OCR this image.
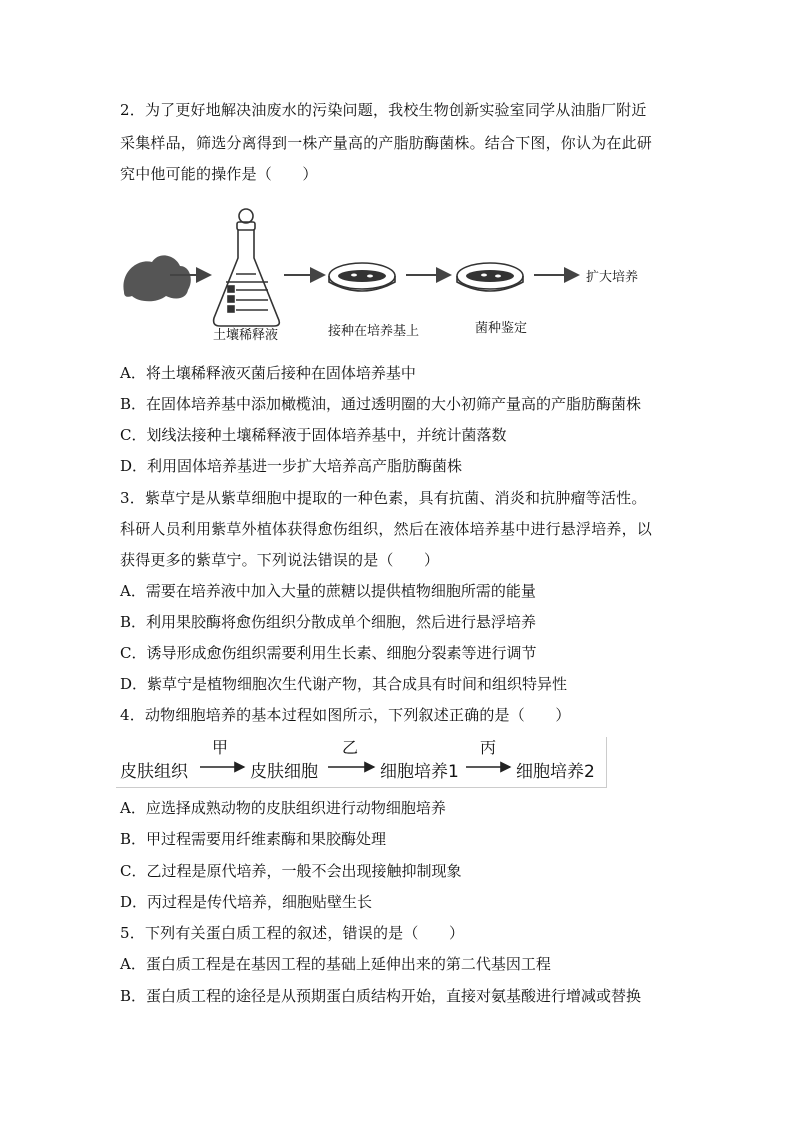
2．为了更好地解决油废水的污染问题，我校生物创新实验室同学从油脂厂附近
采集样品，筛选分离得到一株产量高的产脂肪酶菌株。结合下图，你认为在此研
究中他可能的操作是（　　）
土壤稀释液	接种在培养基上	菌种鉴定
扩大培养
A．将土壤稀释液灭菌后接种在固体培养基中
B．在固体培养基中添加橄榄油，通过透明圈的大小初筛产量高的产脂肪酶菌株
C．划线法接种土壤稀释液于固体培养基中，并统计菌落数
D．利用固体培养基进一步扩大培养高产脂肪酶菌株
3．紫草宁是从紫草细胞中提取的一种色素，具有抗菌、消炎和抗肿瘤等活性。
科研人员利用紫草外植体获得愈伤组织，然后在液体培养基中进行悬浮培养，以
获得更多的紫草宁。下列说法错误的是（　　）
A．需要在培养液中加入大量的蔗糖以提供植物细胞所需的能量
B．利用果胶酶将愈伤组织分散成单个细胞，然后进行悬浮培养
C．诱导形成愈伤组织需要利用生长素、细胞分裂素等进行调节
D．紫草宁是植物细胞次生代谢产物，其合成具有时间和组织特异性
4．动物细胞培养的基本过程如图所示，下列叙述正确的是（　　）
皮肤组织
甲
皮肤细胞
乙
细胞培养1
丙
细胞培养2
A．应选择成熟动物的皮肤组织进行动物细胞培养
B．甲过程需要用纤维素酶和果胶酶处理
C．乙过程是原代培养，一般不会出现接触抑制现象
D．丙过程是传代培养，细胞贴壁生长
5．下列有关蛋白质工程的叙述，错误的是（　　）
A．蛋白质工程是在基因工程的基础上延伸出来的第二代基因工程
B．蛋白质工程的途径是从预期蛋白质结构开始，直接对氨基酸进行增减或替换
